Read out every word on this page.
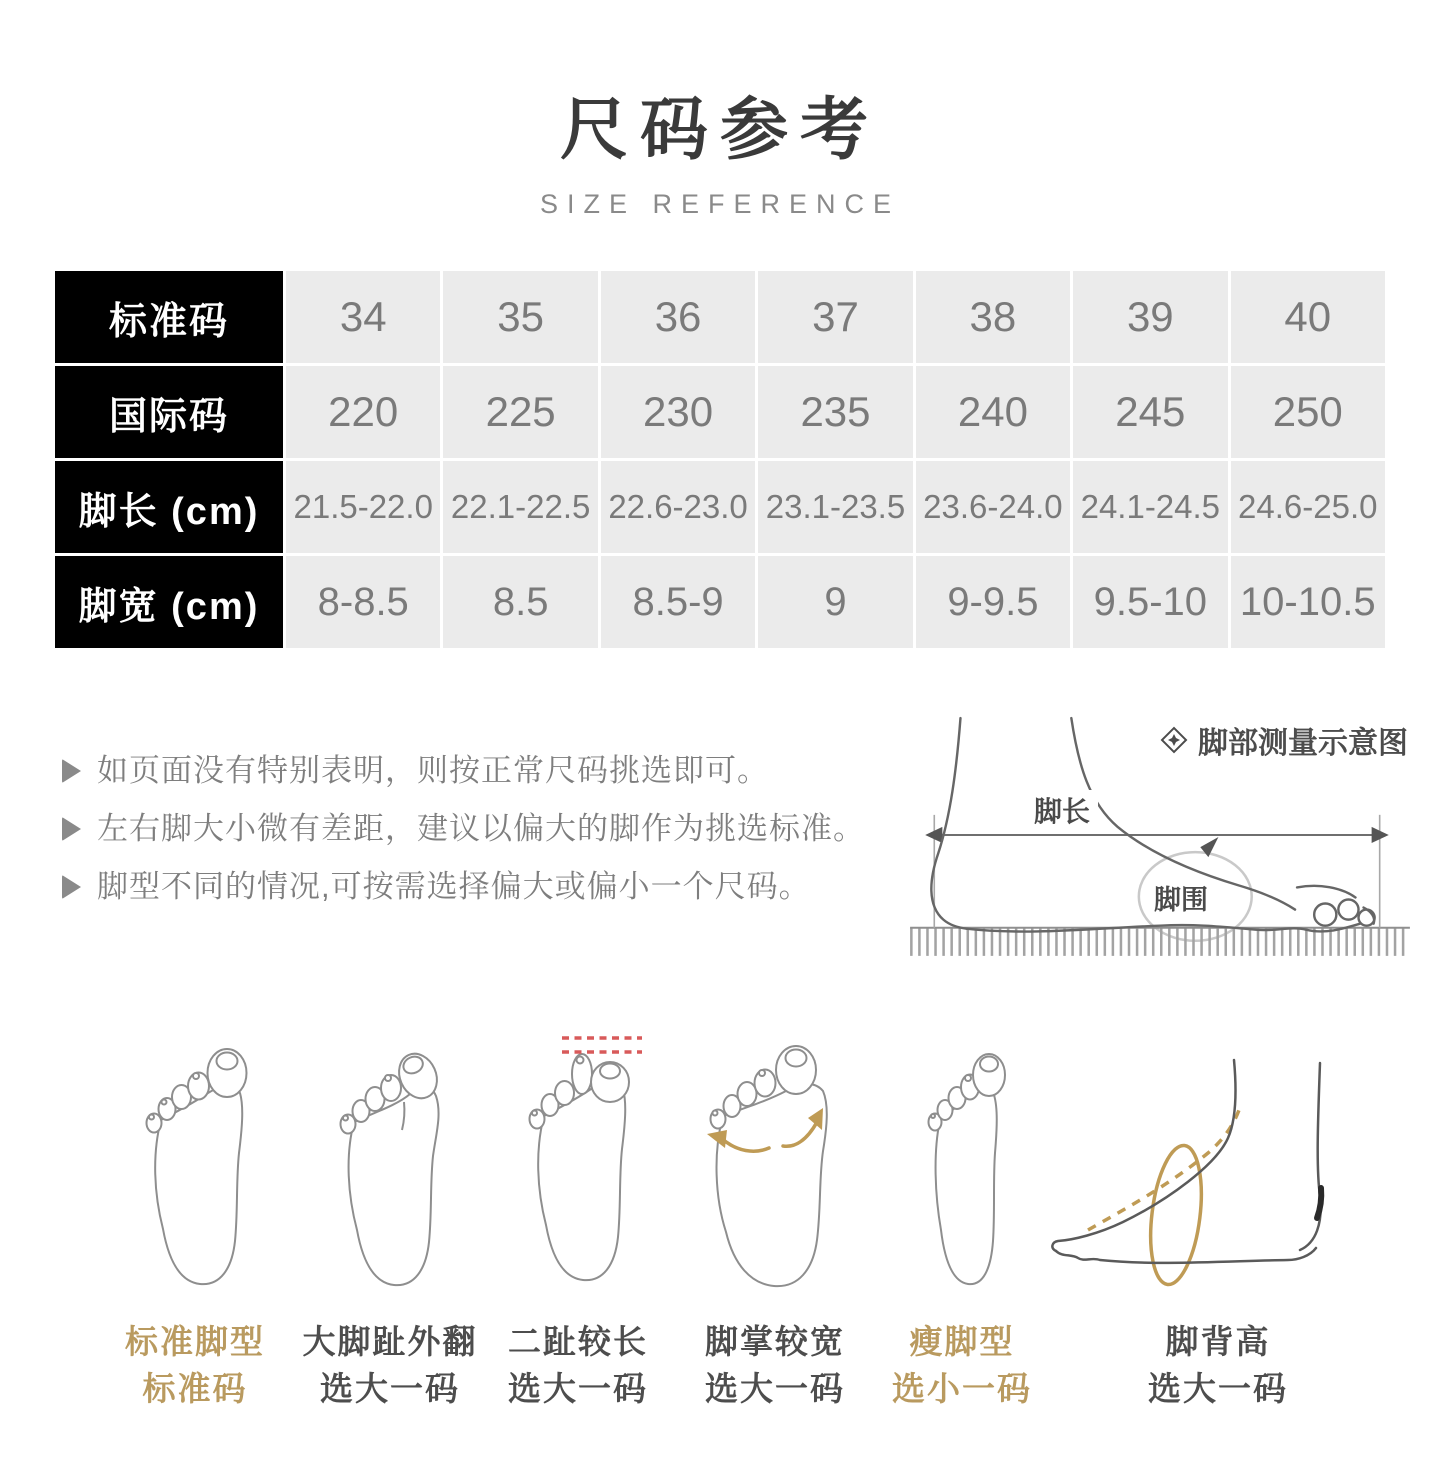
尺码参考
SIZE REFERENCE
标准码	34	35	36	37	38	39	40
国际码	220	225	230	235	240	245	250
脚长 (cm)	21.5-22.0	22.1-22.5	22.6-23.0	23.1-23.5	23.6-24.0	24.1-24.5	24.6-25.0
脚宽 (cm)	8-8.5	8.5	8.5-9	9	9-9.5	9.5-10	10-10.5
如页面没有特别表明，则按正常尺码挑选即可。
左右脚大小微有差距，建议以偏大的脚作为挑选标准。
脚型不同的情况,可按需选择偏大或偏小一个尺码。
脚部测量示意图
脚长
脚围
标准脚型
标准码
大脚趾外翻
选大一码
二趾较长
选大一码
脚掌较宽
选大一码
瘦脚型
选小一码
脚背高
选大一码
